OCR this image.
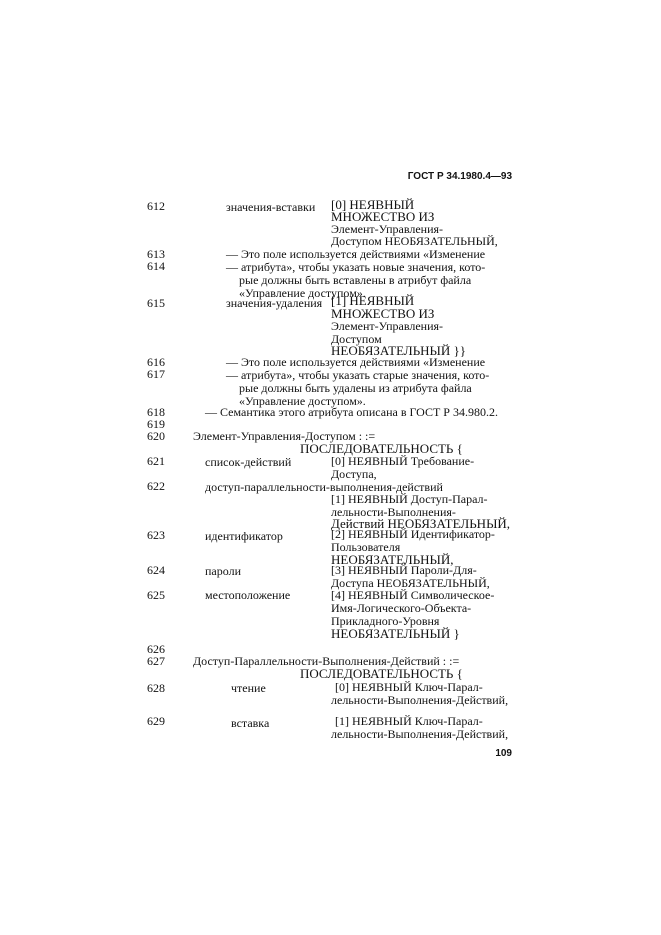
ГОСТ Р 34.1980.4—93
612	значения-вставки [0] НЕЯВНЫЙ
МНОЖЕСТВО ИЗ
Элемент-Управления-
Доступом НЕОБЯЗАТЕЛЬНЫЙ,
613	— Это поле используется действиями «Изменение
614	— атрибута», чтобы указать новые значения, кото-
рые должны быть вставлены в атрибут файла
«Управление доступом».
615	значения-удаления [1] НЕЯВНЫЙ
МНОЖЕСТВО ИЗ
Элемент-Управления-
Доступом
НЕОБЯЗАТЕЛЬНЫЙ }}
616	— Это поле используется действиями «Изменение
617	— атрибута», чтобы указать старые значения, кото-
рые должны быть удалены из атрибута файла
«Управление доступом».
618	— Семантика этого атрибута описана в ГОСТ Р 34.980.2.
619
620 Элемент-Управления-Доступом : :=
ПОСЛЕДОВАТЕЛЬНОСТЬ {
621	список-действий	[0] НЕЯВНЫЙ Требование-
Доступа,
622	доступ-параллельности-выполнения-действий
[1] НЕЯВНЫЙ Доступ-Парал-
лельности-Выполнения-
Действий НЕОБЯЗАТЕЛЬНЫЙ,
623	идентификатор	[2] НЕЯВНЫЙ Идентификатор-
Пользователя
НЕОБЯЗАТЕЛЬНЫЙ,
624	пароли	[3] НЕЯВНЫЙ Пароли-Для-
Доступа НЕОБЯЗАТЕЛЬНЫЙ,
625	местоположение	[4] НЕЯВНЫЙ Символическое-
Имя-Логического-Объекта-
Прикладного-Уровня
НЕОБЯЗАТЕЛЬНЫЙ }
626
627 Доступ-Параллельности-Выполнения-Действий : :=
ПОСЛЕДОВАТЕЛЬНОСТЬ {
628	чтение	[0] НЕЯВНЫЙ Ключ-Парал-
лельности-Выполнения-Действий,
629	вставка	[1] НЕЯВНЫЙ Ключ-Парал-
лельности-Выполнения-Действий,
109
